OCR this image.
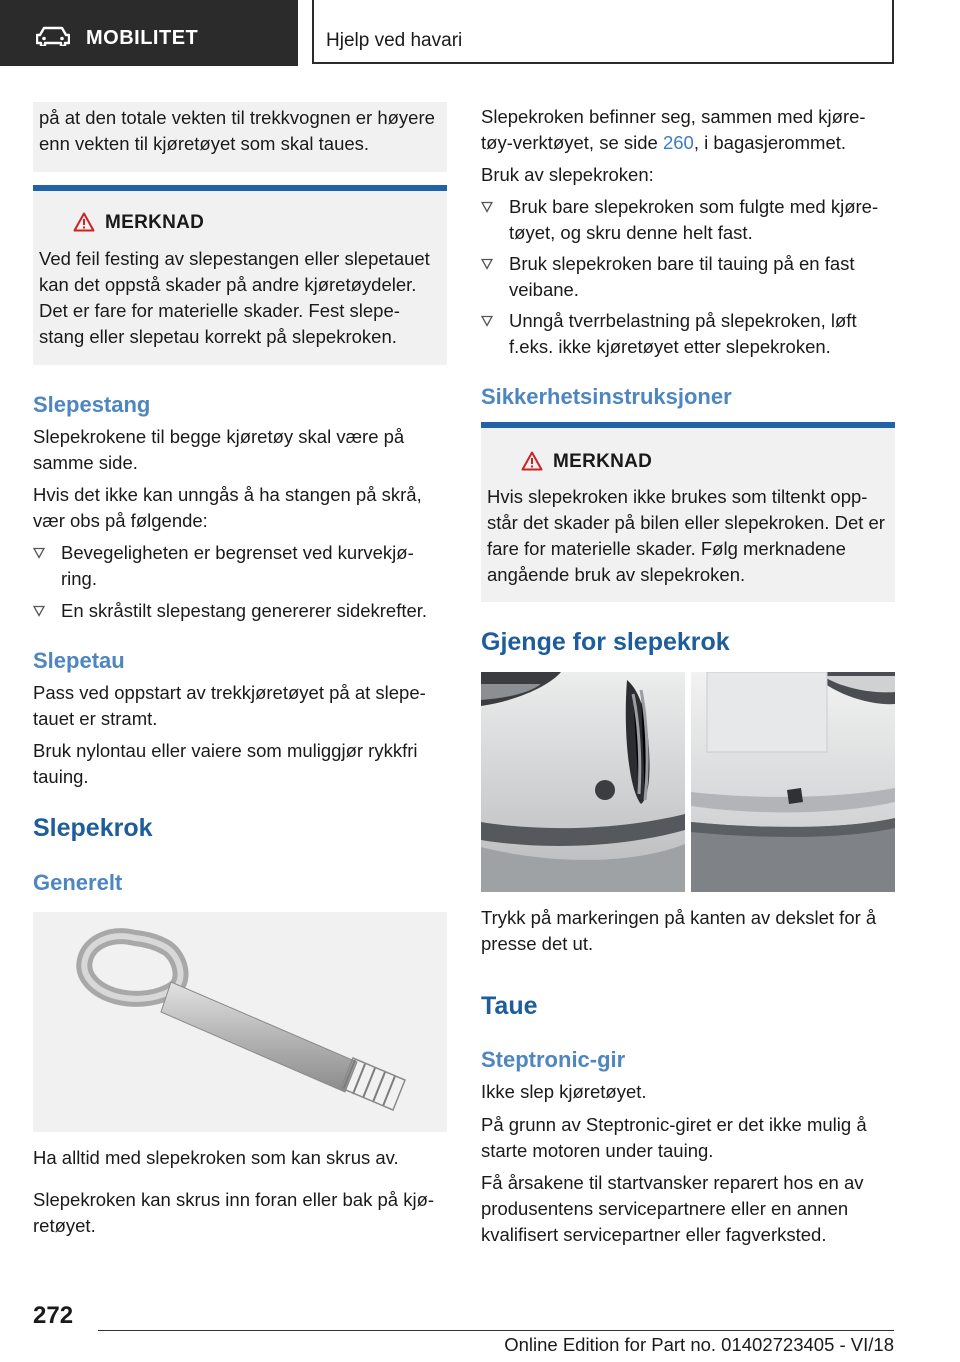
MOBILITET	Hjelp ved havari

på at den totale vekten til trekkvognen er høyere enn vekten til kjøretøyet som skal taues.

MERKNAD
Ved feil festing av slepestangen eller slepetauet kan det oppstå skader på andre kjøretøydeler. Det er fare for materielle skader. Fest slepe-stang eller slepetau korrekt på slepekroken.
Slepestang

Slepekrokene til begge kjøretøy skal være på samme side.

Hvis det ikke kan unngås å ha stangen på skrå, vær obs på følgende:

Bevegeligheten er begrenset ved kurvekjø-ring.
En skråstilt slepestang genererer sidekrefter.
Slepetau

Pass ved oppstart av trekkjøretøyet på at slepe-tauet er stramt.

Bruk nylontau eller vaiere som muliggjør rykkfri tauing.

Slepekrok
Generelt

Ha alltid med slepekroken som kan skrus av.

Slepekroken kan skrus inn foran eller bak på kjø-retøyet.

Slepekroken befinner seg, sammen med kjøre-tøy-verktøyet, se side 260, i bagasjerommet.

Bruk av slepekroken:

Bruk bare slepekroken som fulgte med kjøre-tøyet, og skru denne helt fast.
Bruk slepekroken bare til tauing på en fast veibane.
Unngå tverrbelastning på slepekroken, løft f.eks. ikke kjøretøyet etter slepekroken.
Sikkerhetsinstruksjoner
MERKNAD
Hvis slepekroken ikke brukes som tiltenkt opp-står det skader på bilen eller slepekroken. Det er fare for materielle skader. Følg merknadene angående bruk av slepekroken.
Gjenge for slepekrok

Trykk på markeringen på kanten av dekslet for å presse det ut.

Taue
Steptronic-gir

Ikke slep kjøretøyet.

På grunn av Steptronic-giret er det ikke mulig å starte motoren under tauing.

Få årsakene til startvansker reparert hos en av produsentens servicepartnere eller en annen kvalifisert servicepartner eller fagverksted.

272
Online Edition for Part no. 01402723405 - VI/18
